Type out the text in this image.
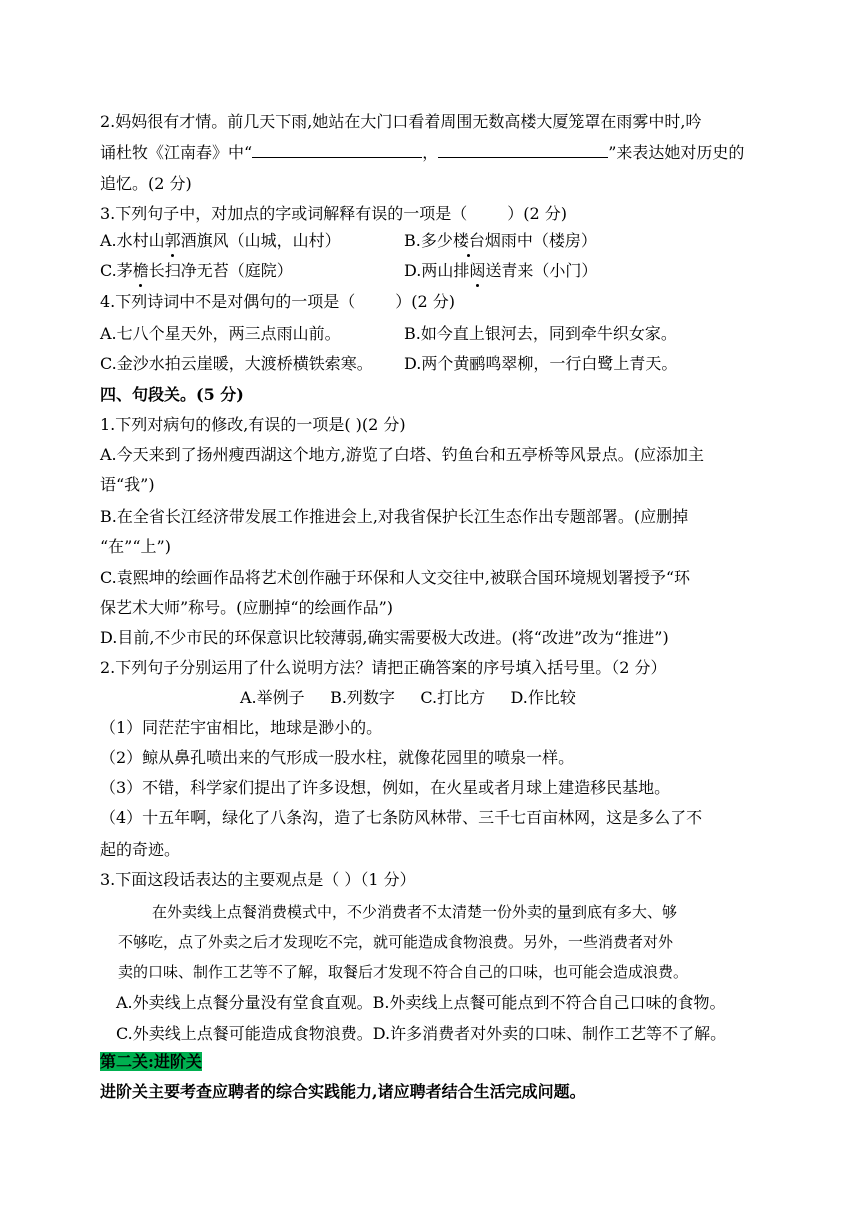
2.妈妈很有才情。前几天下雨,她站在大门口看着周围无数高楼大厦笼罩在雨雾中时,吟
诵杜牧《江南春》中“	，	”来表达她对历史的
追忆。(2 分)
3.下列句子中，对加点的字或词解释有误的一项是（	）(2 分)
A.水村山郭酒旗风（山城，山村）	B.多少楼台烟雨中（楼房）
C.茅檐长扫净无苔（庭院）	D.两山排闼送青来（小门）
4.下列诗词中不是对偶句的一项是（	）(2 分)
A.七八个星天外，两三点雨山前。	B.如今直上银河去，同到牵牛织女家。
C.金沙水拍云崖暖，大渡桥横铁索寒。 D.两个黄鹂鸣翠柳，一行白鹭上青天。
四、句段关。(5 分)
1.下列对病句的修改,有误的一项是( )(2 分)
A.今天来到了扬州瘦西湖这个地方,游览了白塔、钓鱼台和五亭桥等风景点。(应添加主
语“我”)
B.在全省长江经济带发展工作推进会上,对我省保护长江生态作出专题部署。(应删掉
“在”“上”)
C.袁熙坤的绘画作品将艺术创作融于环保和人文交往中,被联合国环境规划署授予“环
保艺术大师”称号。(应删掉“的绘画作品”)
D.目前,不少市民的环保意识比较薄弱,确实需要极大改进。(将“改进”改为“推进”)
2.下列句子分别运用了什么说明方法？请把正确答案的序号填入括号里。（2 分）
A.举例子     B.列数字     C.打比方     D.作比较
（1）同茫茫宇宙相比，地球是渺小的。
（2）鲸从鼻孔喷出来的气形成一股水柱，就像花园里的喷泉一样。
（3）不错，科学家们提出了许多设想，例如，在火星或者月球上建造移民基地。
（4）十五年啊，绿化了八条沟，造了七条防风林带、三千七百亩林网，这是多么了不
起的奇迹。
3.下面这段话表达的主要观点是（ ）（1 分）
在外卖线上点餐消费模式中，不少消费者不太清楚一份外卖的量到底有多大、够
不够吃，点了外卖之后才发现吃不完，就可能造成食物浪费。另外，一些消费者对外
卖的口味、制作工艺等不了解，取餐后才发现不符合自己的口味，也可能会造成浪费。
A.外卖线上点餐分量没有堂食直观。B.外卖线上点餐可能点到不符合自己口味的食物。
C.外卖线上点餐可能造成食物浪费。D.许多消费者对外卖的口味、制作工艺等不了解。
第二关:进阶关
进阶关主要考查应聘者的综合实践能力,诸应聘者结合生活完成问题。
